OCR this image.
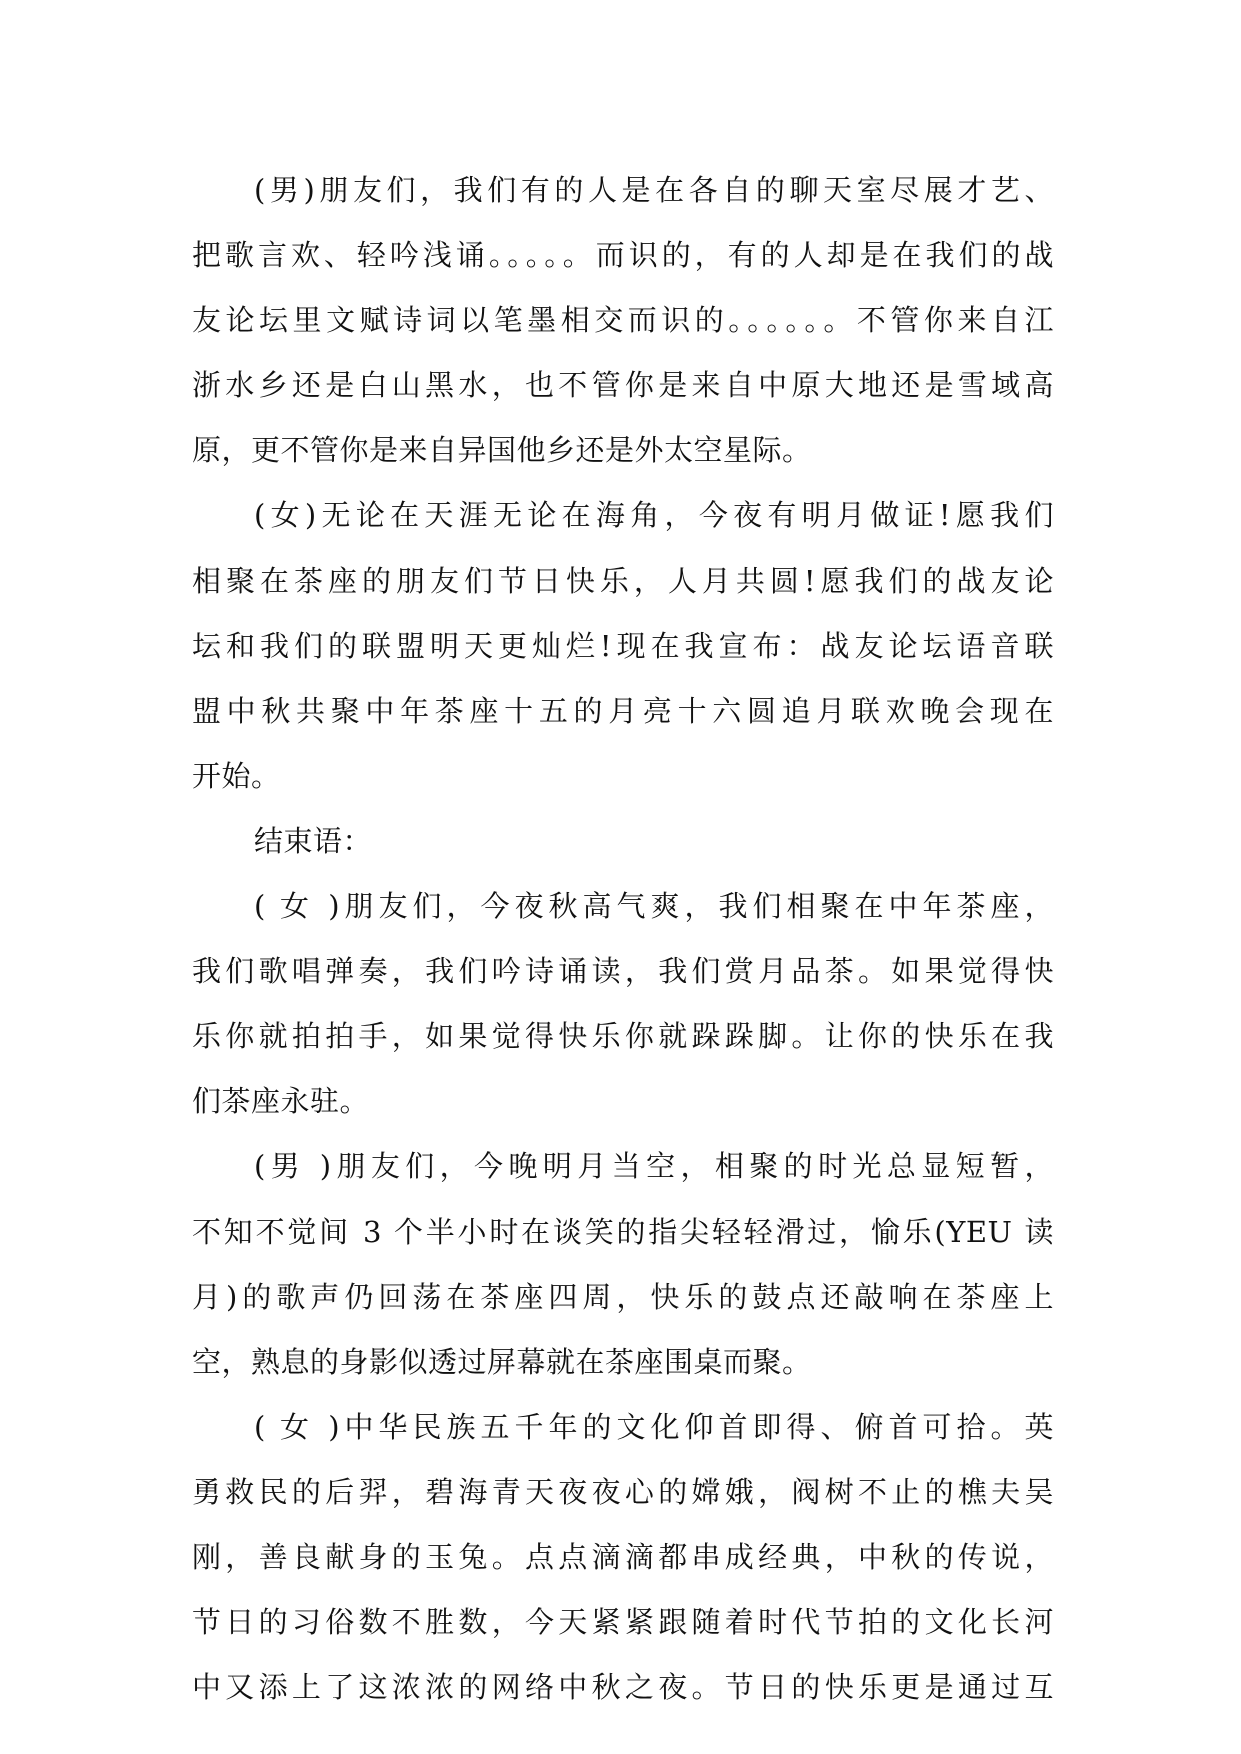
(男)朋友们，我们有的人是在各自的聊天室尽展才艺、
把歌言欢、轻吟浅诵。。。。。而识的，有的人却是在我们的战
友论坛里文赋诗词以笔墨相交而识的。。。。。。不管你来自江
浙水乡还是白山黑水，也不管你是来自中原大地还是雪域高
原，更不管你是来自异国他乡还是外太空星际。
(女)无论在天涯无论在海角，今夜有明月做证!愿我们
相聚在茶座的朋友们节日快乐，人月共圆!愿我们的战友论
坛和我们的联盟明天更灿烂!现在我宣布：战友论坛语音联
盟中秋共聚中年茶座十五的月亮十六圆追月联欢晚会现在
开始。
结束语：
( 女 )朋友们，今夜秋高气爽，我们相聚在中年茶座，
我们歌唱弹奏，我们吟诗诵读，我们赏月品茶。如果觉得快
乐你就拍拍手，如果觉得快乐你就跺跺脚。让你的快乐在我
们茶座永驻。
(男 )朋友们，今晚明月当空，相聚的时光总显短暂，
不知不觉间 3 个半小时在谈笑的指尖轻轻滑过，愉乐(YEU 读
月)的歌声仍回荡在茶座四周，快乐的鼓点还敲响在茶座上
空，熟息的身影似透过屏幕就在茶座围桌而聚。
( 女 )中华民族五千年的文化仰首即得、俯首可拾。英
勇救民的后羿，碧海青天夜夜心的嫦娥，阀树不止的樵夫吴
刚，善良献身的玉兔。点点滴滴都串成经典，中秋的传说，
节日的习俗数不胜数，今天紧紧跟随着时代节拍的文化长河
中又添上了这浓浓的网络中秋之夜。节日的快乐更是通过互
